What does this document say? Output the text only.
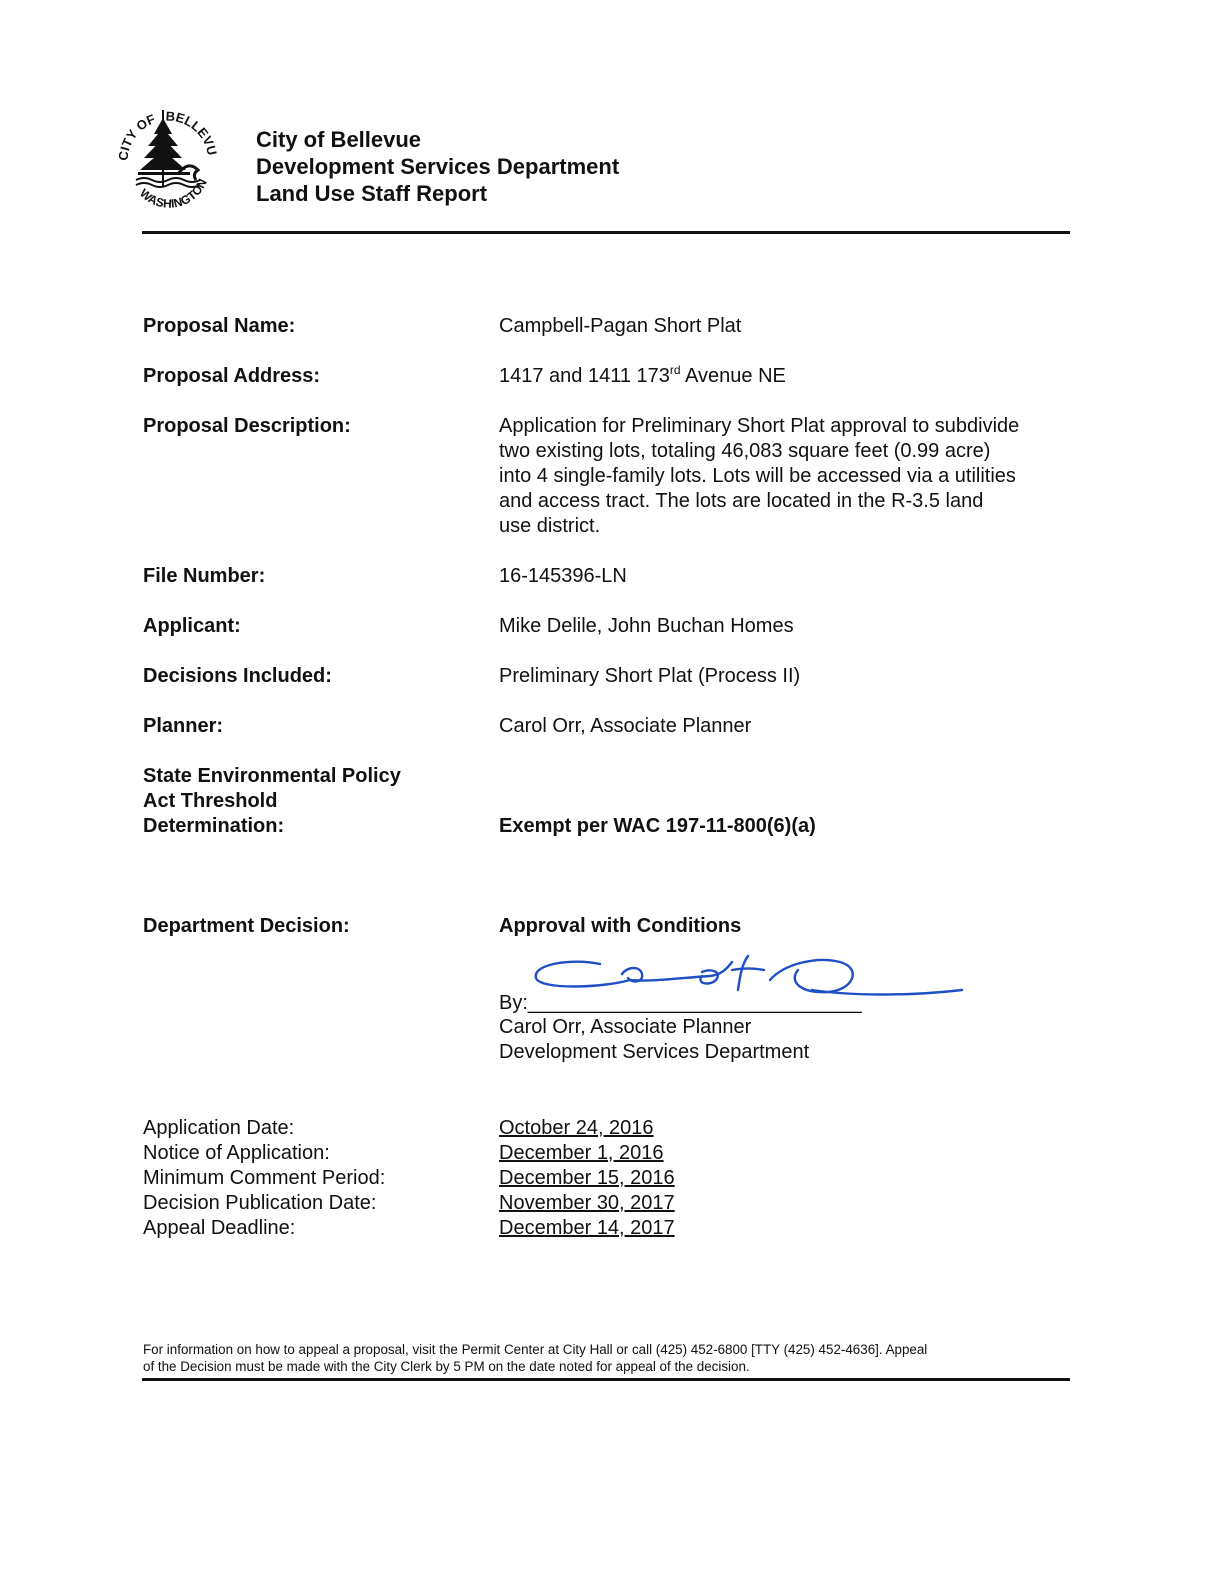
CITY OF BELLEVU
WASHINGTON
City of Bellevue
Development Services Department
Land Use Staff Report
Proposal Name:	Campbell-Pagan Short Plat
Proposal Address:	1417 and 1411 173rd Avenue NE
Proposal Description:	Application for Preliminary Short Plat approval to subdivide
two existing lots, totaling 46,083 square feet (0.99 acre)
into 4 single-family lots. Lots will be accessed via a utilities
and access tract. The lots are located in the R-3.5 land
use district.
File Number:	16-145396-LN
Applicant:	Mike Delile, John Buchan Homes
Decisions Included:	Preliminary Short Plat (Process II)
Planner:	Carol Orr, Associate Planner
State Environmental Policy
Act Threshold
Determination:	Exempt per WAC 197-11-800(6)(a)
Department Decision:	Approval with Conditions
By:______________________________
Carol Orr, Associate Planner
Development Services Department
Application Date:	October 24, 2016
Notice of Application:	December 1, 2016
Minimum Comment Period:	December 15, 2016
Decision Publication Date:	November 30, 2017
Appeal Deadline:	December 14, 2017
For information on how to appeal a proposal, visit the Permit Center at City Hall or call (425) 452-6800 [TTY (425) 452-4636]. Appeal
of the Decision must be made with the City Clerk by 5 PM on the date noted for appeal of the decision.
